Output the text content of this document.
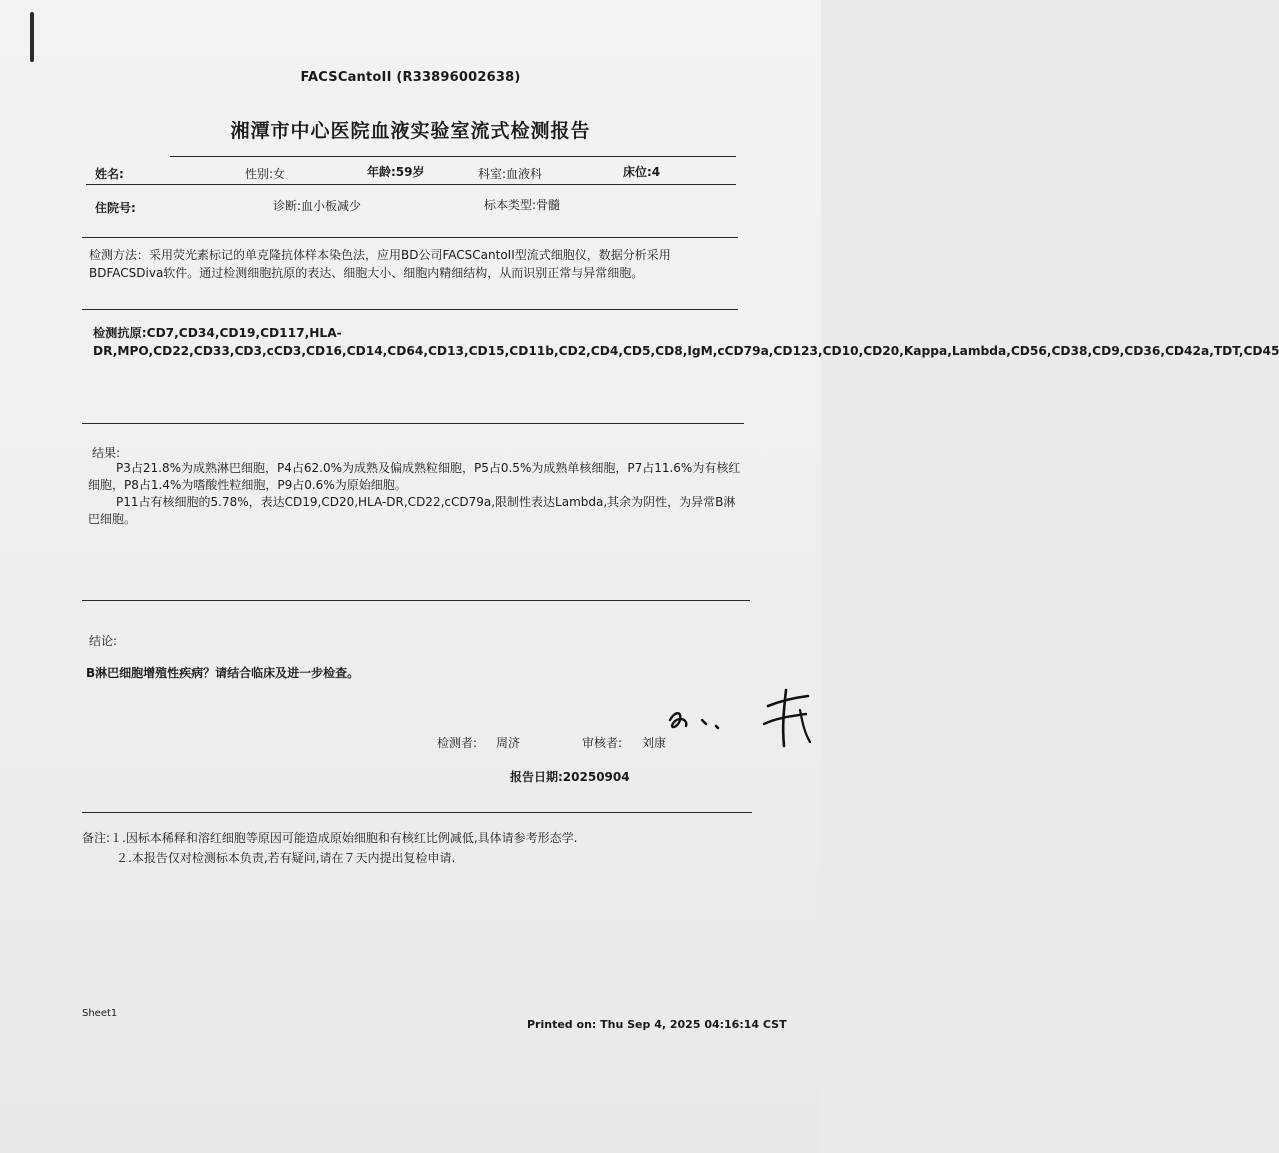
FACSCantoII (R33896002638)
湘潭市中心医院血液实验室流式检测报告
姓名:	性别:女	年龄:59岁	科室:血液科	床位:4
住院号:	诊断:血小板减少	标本类型:骨髓
检测方法：采用荧光素标记的单克隆抗体样本染色法，应用BD公司FACSCantoII型流式细胞仪，数据分析采用BDFACSDiva软件。通过检测细胞抗原的表达、细胞大小、细胞内精细结构，从而识别正常与异常细胞。
检测抗原:CD7,CD34,CD19,CD117,HLA-DR,MPO,CD22,CD33,CD3,cCD3,CD16,CD14,CD64,CD13,CD15,CD11b,CD2,CD4,CD5,CD8,IgM,cCD79a,CD123,CD10,CD20,Kappa,Lambda,CD56,CD38,CD9,CD36,CD42a,TDT,CD45
结果:

P3占21.8%为成熟淋巴细胞，P4占62.0%为成熟及偏成熟粒细胞，P5占0.5%为成熟单核细胞，P7占11.6%为有核红细胞，P8占1.4%为嗜酸性粒细胞，P9占0.6%为原始细胞。

P11占有核细胞的5.78%，表达CD19,CD20,HLA-DR,CD22,cCD79a,限制性表达Lambda,其余为阴性，为异常B淋巴细胞。

结论:
B淋巴细胞增殖性疾病？请结合临床及进一步检查。
检测者: 周济	审核者: 刘康
报告日期:20250904
备注:１.因标本稀释和溶红细胞等原因可能造成原始细胞和有核红比例减低,具体请参考形态学.
２.本报告仅对检测标本负责,若有疑问,请在７天内提出复检申请.
Sheet1
Printed on: Thu Sep 4, 2025 04:16:14 CST
